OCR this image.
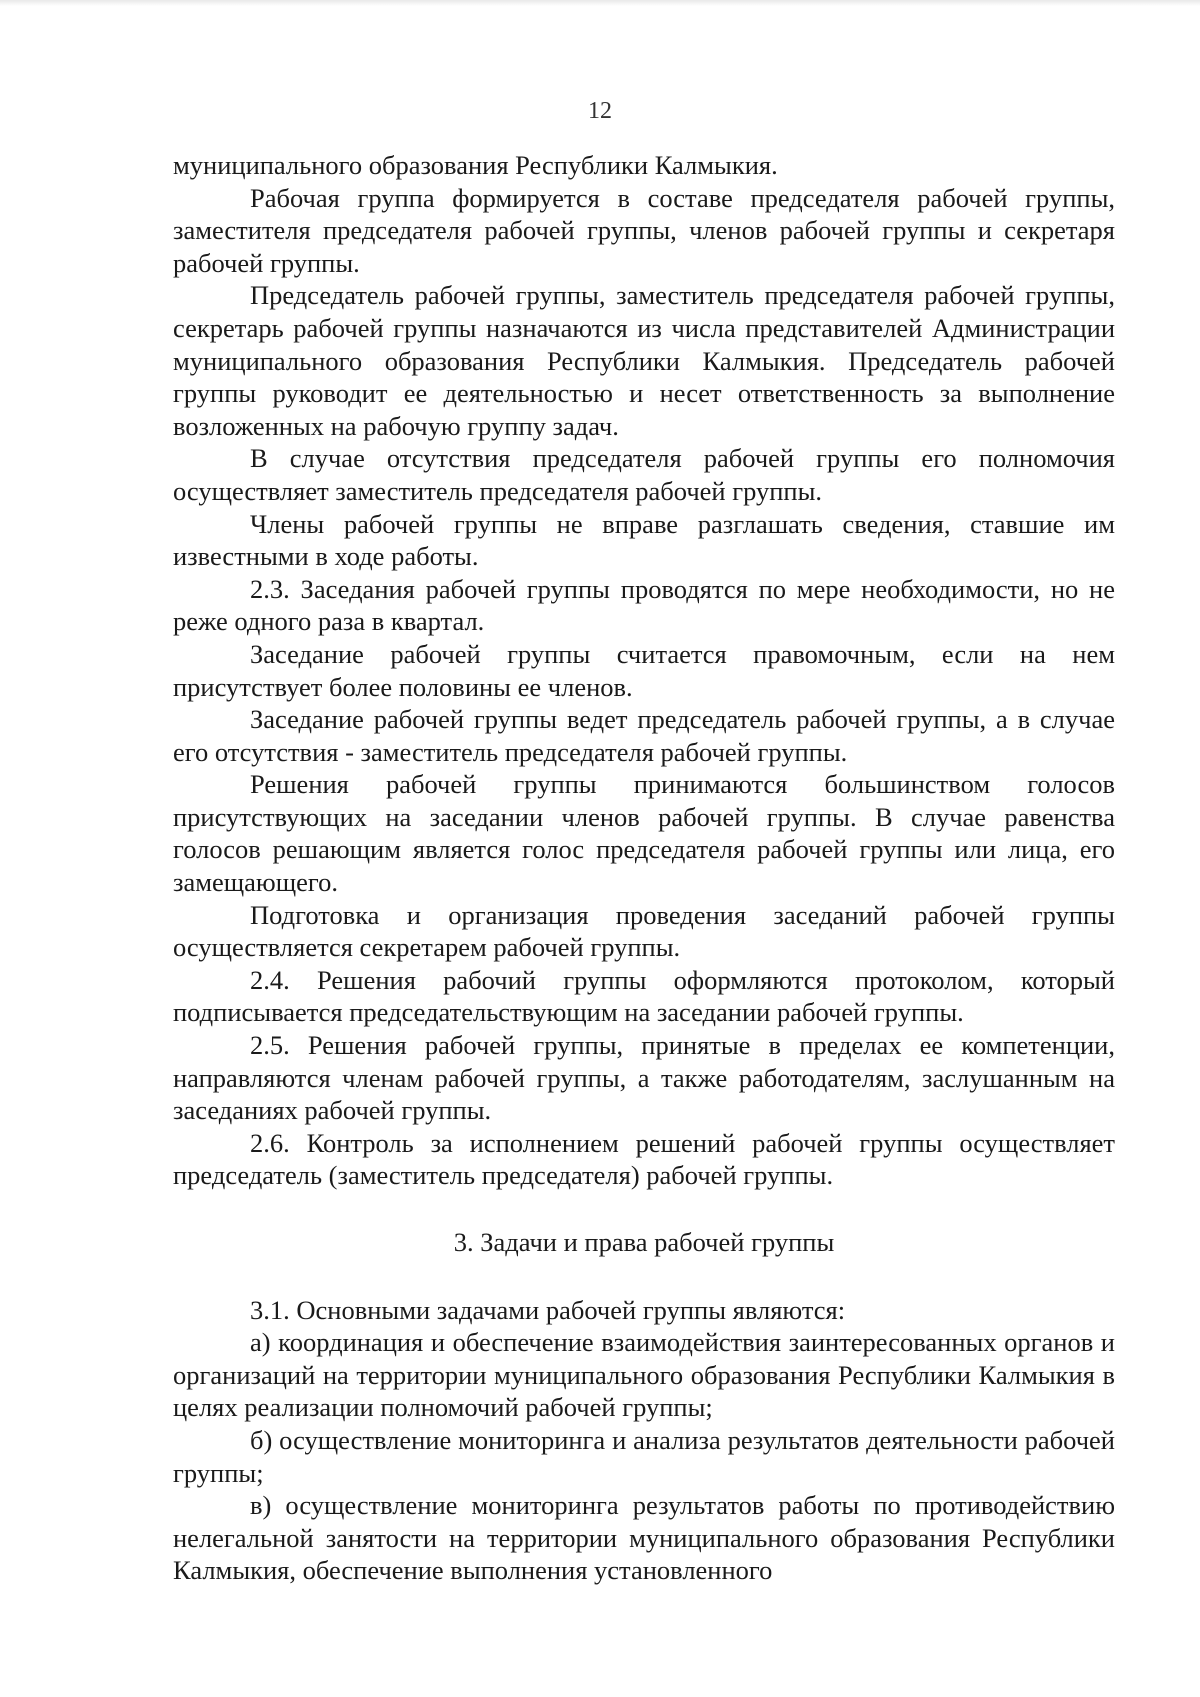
12

муниципального образования Республики Калмыкия.

Рабочая группа формируется в составе председателя рабочей группы, заместителя председателя рабочей группы, членов рабочей группы и секретаря рабочей группы.

Председатель рабочей группы, заместитель председателя рабочей группы, секретарь рабочей группы назначаются из числа представителей Администрации муниципального образования Республики Калмыкия. Председатель рабочей группы руководит ее деятельностью и несет ответственность за выполнение возложенных на рабочую группу задач.

В случае отсутствия председателя рабочей группы его полномочия осуществляет заместитель председателя рабочей группы.

Члены рабочей группы не вправе разглашать сведения, ставшие им известными в ходе работы.

2.3. Заседания рабочей группы проводятся по мере необходимости, но не реже одного раза в квартал.

Заседание рабочей группы считается правомочным, если на нем присутствует более половины ее членов.

Заседание рабочей группы ведет председатель рабочей группы, а в случае его отсутствия - заместитель председателя рабочей группы.

Решения рабочей группы принимаются большинством голосов присутствующих на заседании членов рабочей группы. В случае равенства голосов решающим является голос председателя рабочей группы или лица, его замещающего.

Подготовка и организация проведения заседаний рабочей группы осуществляется секретарем рабочей группы.

2.4. Решения рабочий группы оформляются протоколом, который подписывается председательствующим на заседании рабочей группы.

2.5. Решения рабочей группы, принятые в пределах ее компетенции, направляются членам рабочей группы, а также работодателям, заслушанным на заседаниях рабочей группы.

2.6. Контроль за исполнением решений рабочей группы осуществляет председатель (заместитель председателя) рабочей группы.

3. Задачи и права рабочей группы

3.1. Основными задачами рабочей группы являются:

а) координация и обеспечение взаимодействия заинтересованных органов и организаций на территории муниципального образования Республики Калмыкия в целях реализации полномочий рабочей группы;

б) осуществление мониторинга и анализа результатов деятельности рабочей группы;

в) осуществление мониторинга результатов работы по противодействию нелегальной занятости на территории муниципального образования Республики Калмыкия, обеспечение выполнения установленного
